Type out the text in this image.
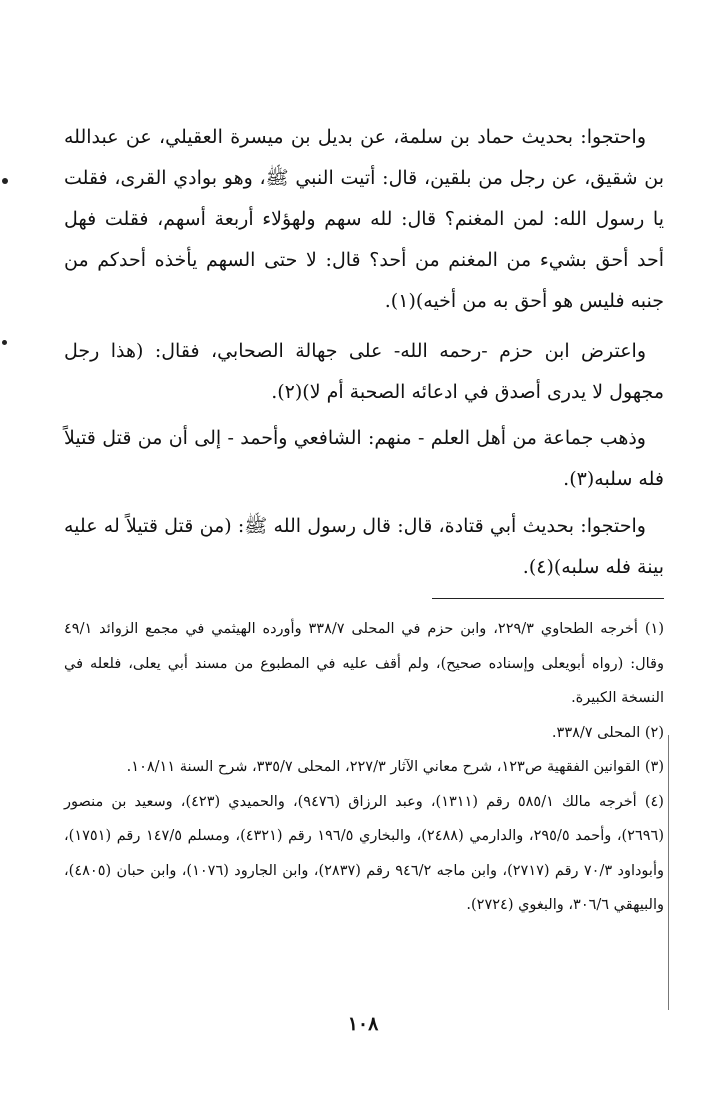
واحتجوا: بحديث حماد بن سلمة، عن بديل بن ميسرة العقيلي، عن عبدالله بن شقيق، عن رجل من بلقين، قال: أتيت النبي ﷺ، وهو بوادي القرى، فقلت يا رسول الله: لمن المغنم؟ قال: لله سهم ولهؤلاء أربعة أسهم، فقلت فهل أحد أحق بشيء من المغنم من أحد؟ قال: لا حتى السهم يأخذه أحدكم من جنبه فليس هو أحق به من أخيه)(١).

واعترض ابن حزم -رحمه الله- على جهالة الصحابي، فقال: (هذا رجل مجهول لا يدرى أصدق في ادعائه الصحبة أم لا)(٢).

وذهب جماعة من أهل العلم - منهم: الشافعي وأحمد - إلى أن من قتل قتيلاً فله سلبه(٣).

واحتجوا: بحديث أبي قتادة، قال: قال رسول الله ﷺ: (من قتل قتيلاً له عليه بينة فله سلبه)(٤).

(١) أخرجه الطحاوي ٢٢٩/٣، وابن حزم في المحلى ٣٣٨/٧ وأورده الهيثمي في مجمع الزوائد ٤٩/١ وقال: (رواه أبويعلى وإسناده صحيح)، ولم أقف عليه في المطبوع من مسند أبي يعلى، فلعله في النسخة الكبيرة.

(٢) المحلى ٣٣٨/٧.

(٣) القوانين الفقهية ص١٢٣، شرح معاني الآثار ٢٢٧/٣، المحلى ٣٣٥/٧، شرح السنة ١٠٨/١١.

(٤) أخرجه مالك ٥٨٥/١ رقم (١٣١١)، وعبد الرزاق (٩٤٧٦)، والحميدي (٤٢٣)، وسعيد بن منصور (٢٦٩٦)، وأحمد ٢٩٥/٥، والدارمي (٢٤٨٨)، والبخاري ١٩٦/٥ رقم (٤٣٢١)، ومسلم ١٤٧/٥ رقم (١٧٥١)، وأبوداود ٧٠/٣ رقم (٢٧١٧)، وابن ماجه ٩٤٦/٢ رقم (٢٨٣٧)، وابن الجارود (١٠٧٦)، وابن حبان (٤٨٠٥)، والبيهقي ٣٠٦/٦، والبغوي (٢٧٢٤).

١٠٨
